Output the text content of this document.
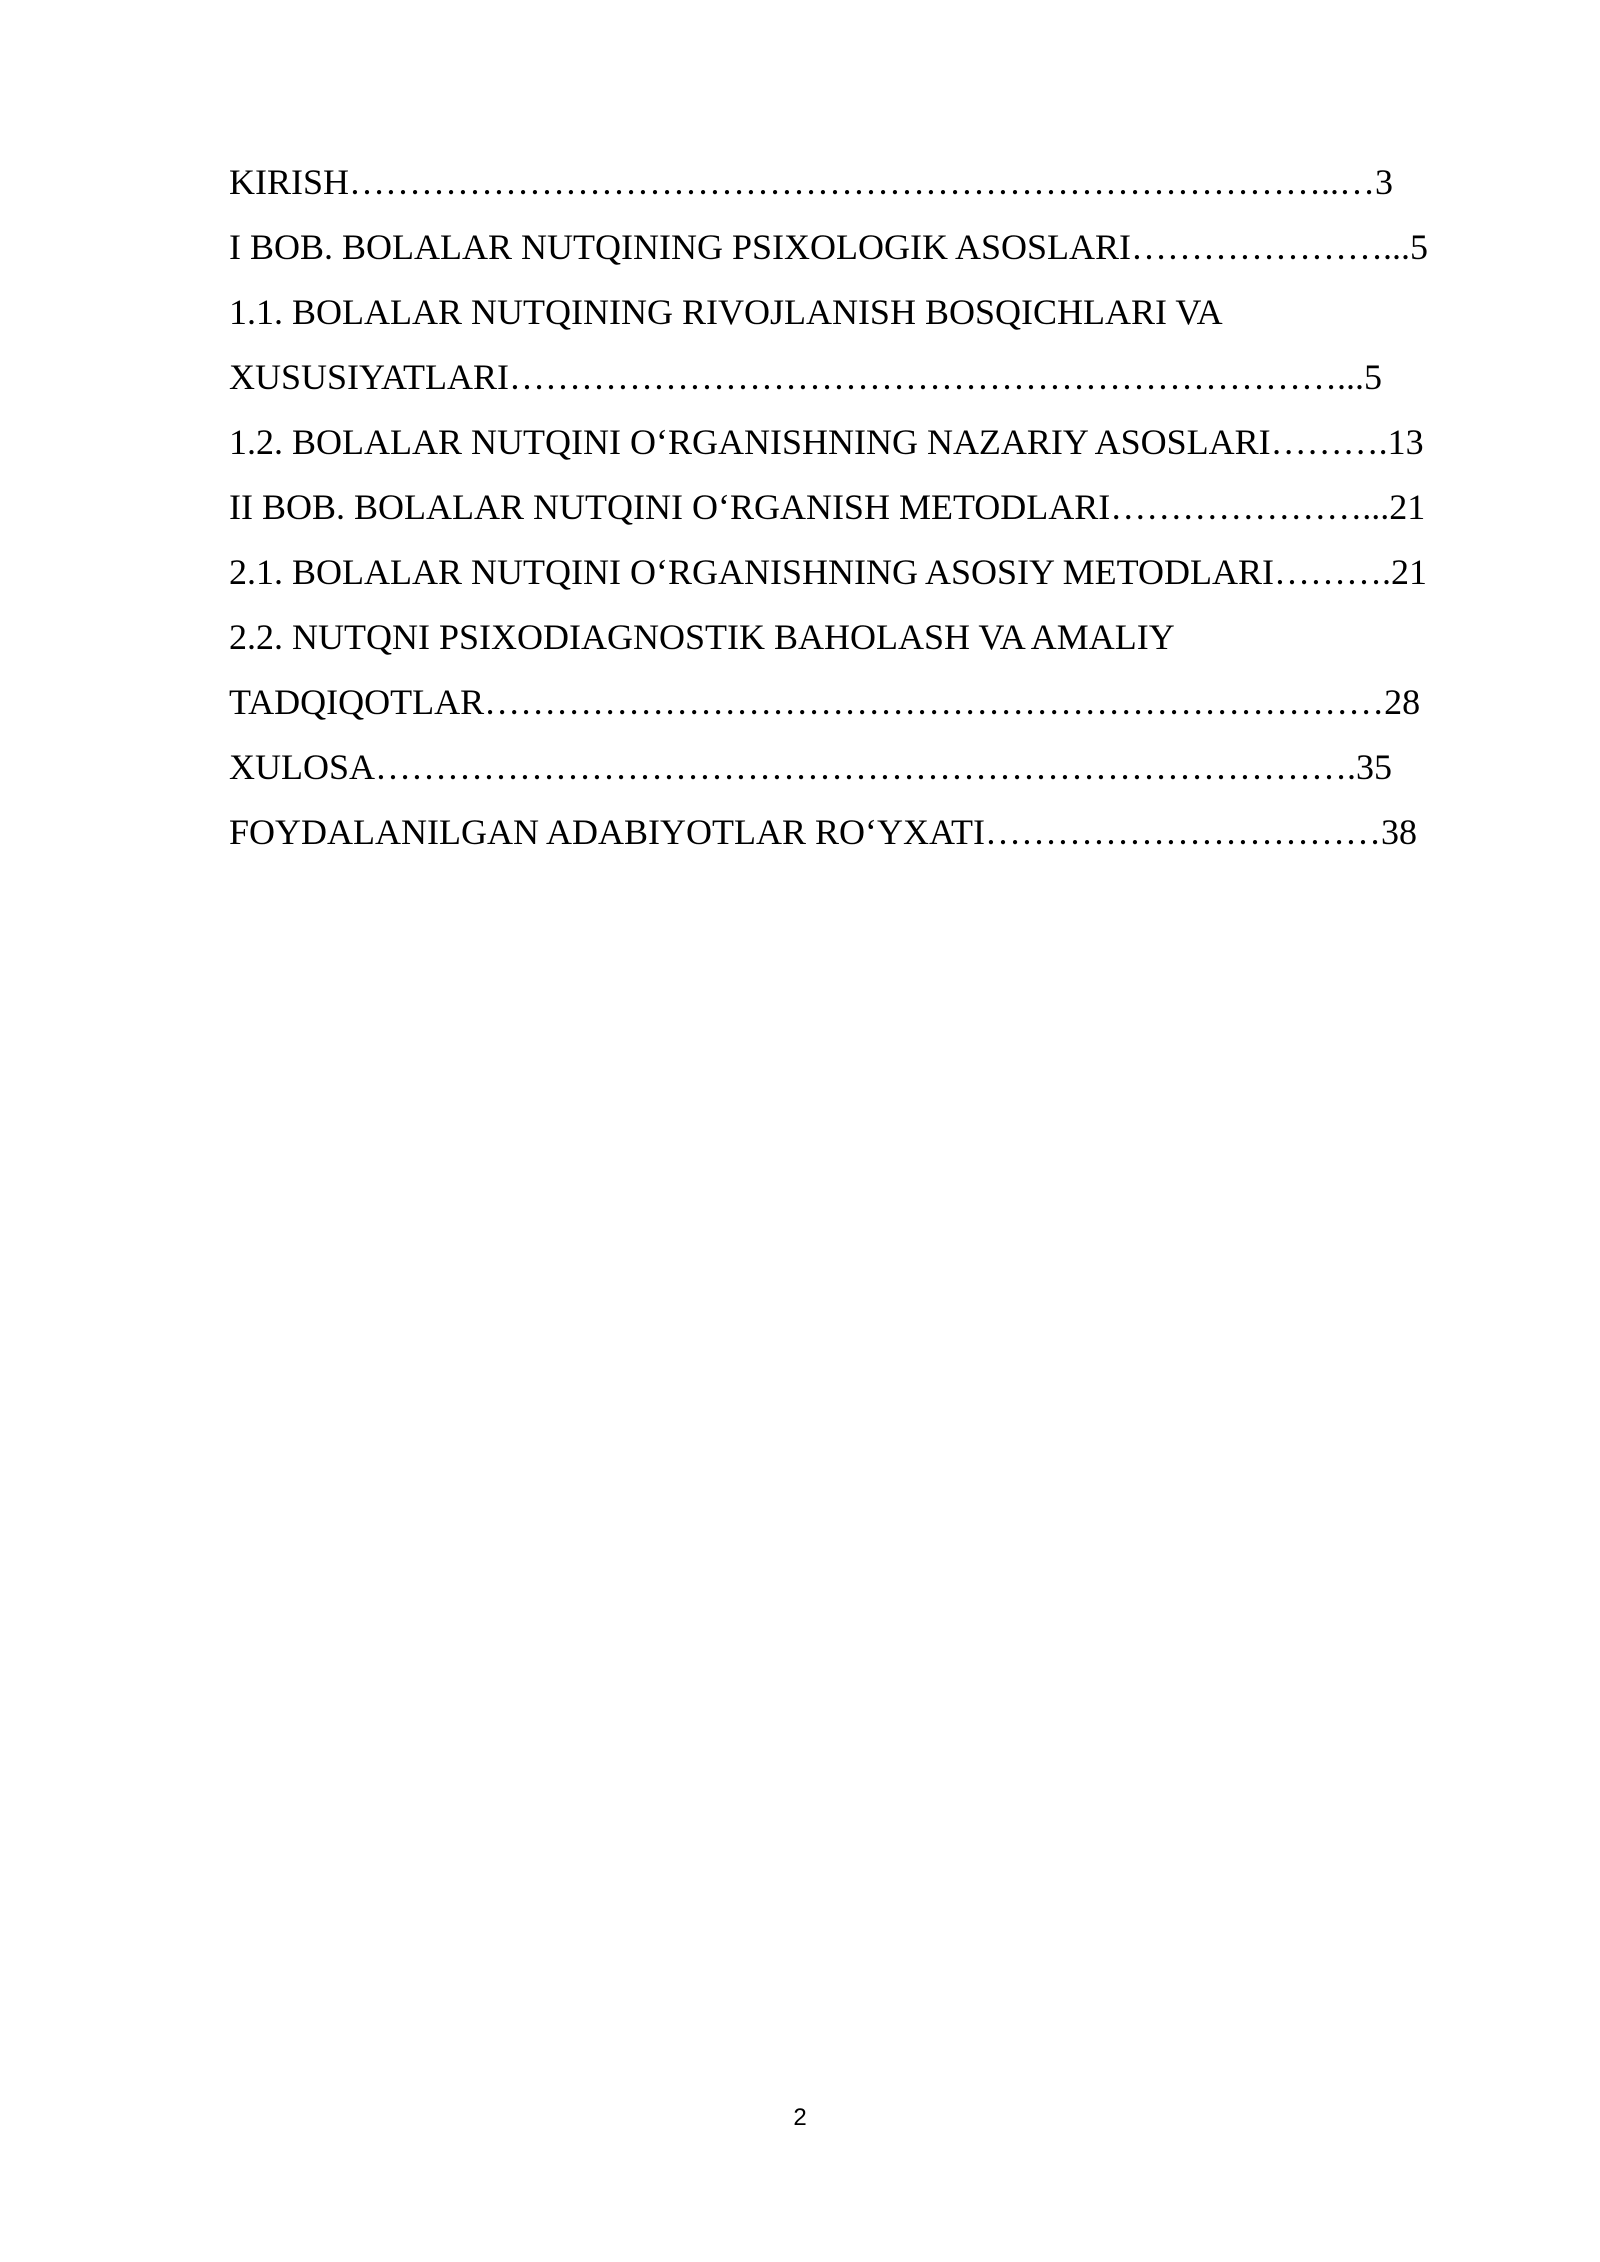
KIRISH………………………………………………………………………..…3
I BOB. BOLALAR NUTQINING PSIXOLOGIK ASOSLARI…………………...5
1.1. BOLALAR NUTQINING RIVOJLANISH BOSQICHLARI VA
XUSUSIYATLARI……………………………………………………………...5
1.2. BOLALAR NUTQINI O‘RGANISHNING NAZARIY ASOSLARI……….13
II BOB. BOLALAR NUTQINI O‘RGANISH METODLARI…………………...21
2.1. BOLALAR NUTQINI O‘RGANISHNING ASOSIY METODLARI……….21
2.2. NUTQNI PSIXODIAGNOSTIK BAHOLASH VA AMALIY
TADQIQOTLAR…………………………………………………………………28
XULOSA……………………………………………………………………….35
FOYDALANILGAN ADABIYOTLAR RO‘YXATI……………………………38
2
